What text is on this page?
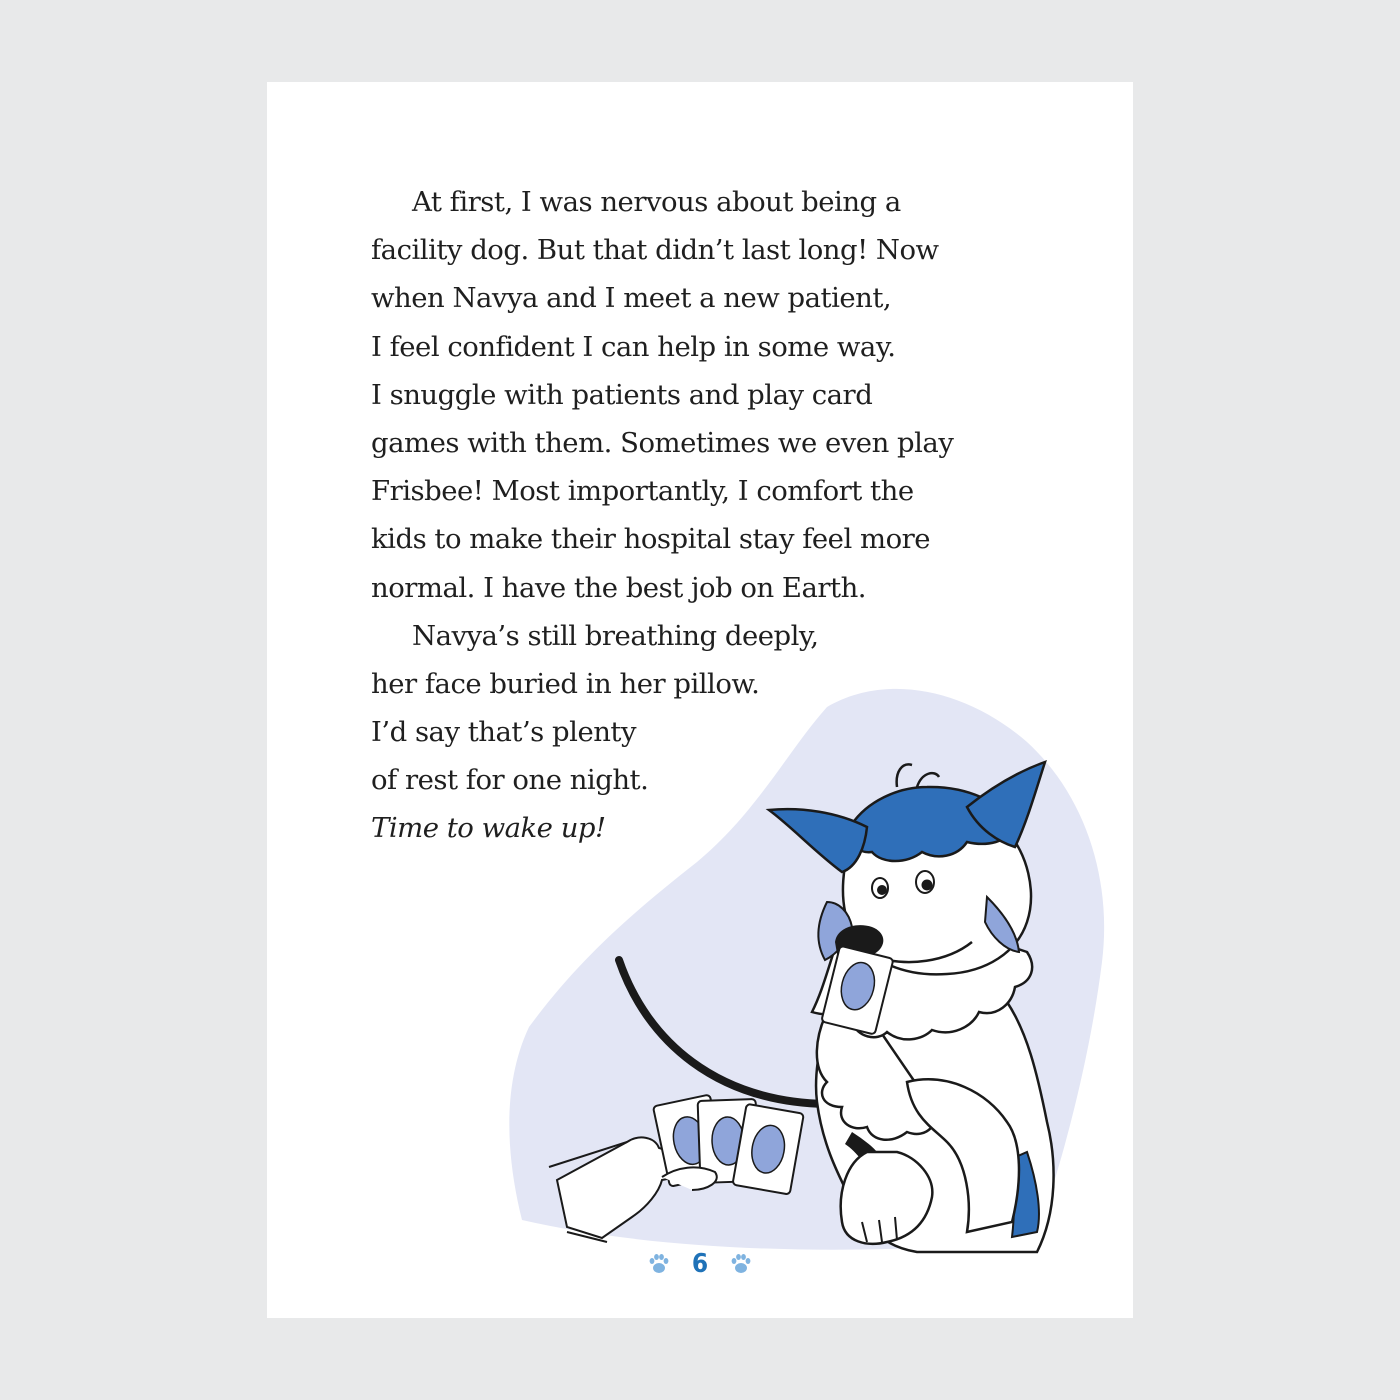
At first, I was nervous about being a
facility dog. But that didn’t last long! Now
when Navya and I meet a new patient,
I feel confident I can help in some way.
I snuggle with patients and play card
games with them. Sometimes we even play
Frisbee! Most importantly, I comfort the
kids to make their hospital stay feel more
normal. I have the best job on Earth.
Navya’s still breathing deeply,
her face buried in her pillow.
I’d say that’s plenty
of rest for one night.
Time to wake up!
6
